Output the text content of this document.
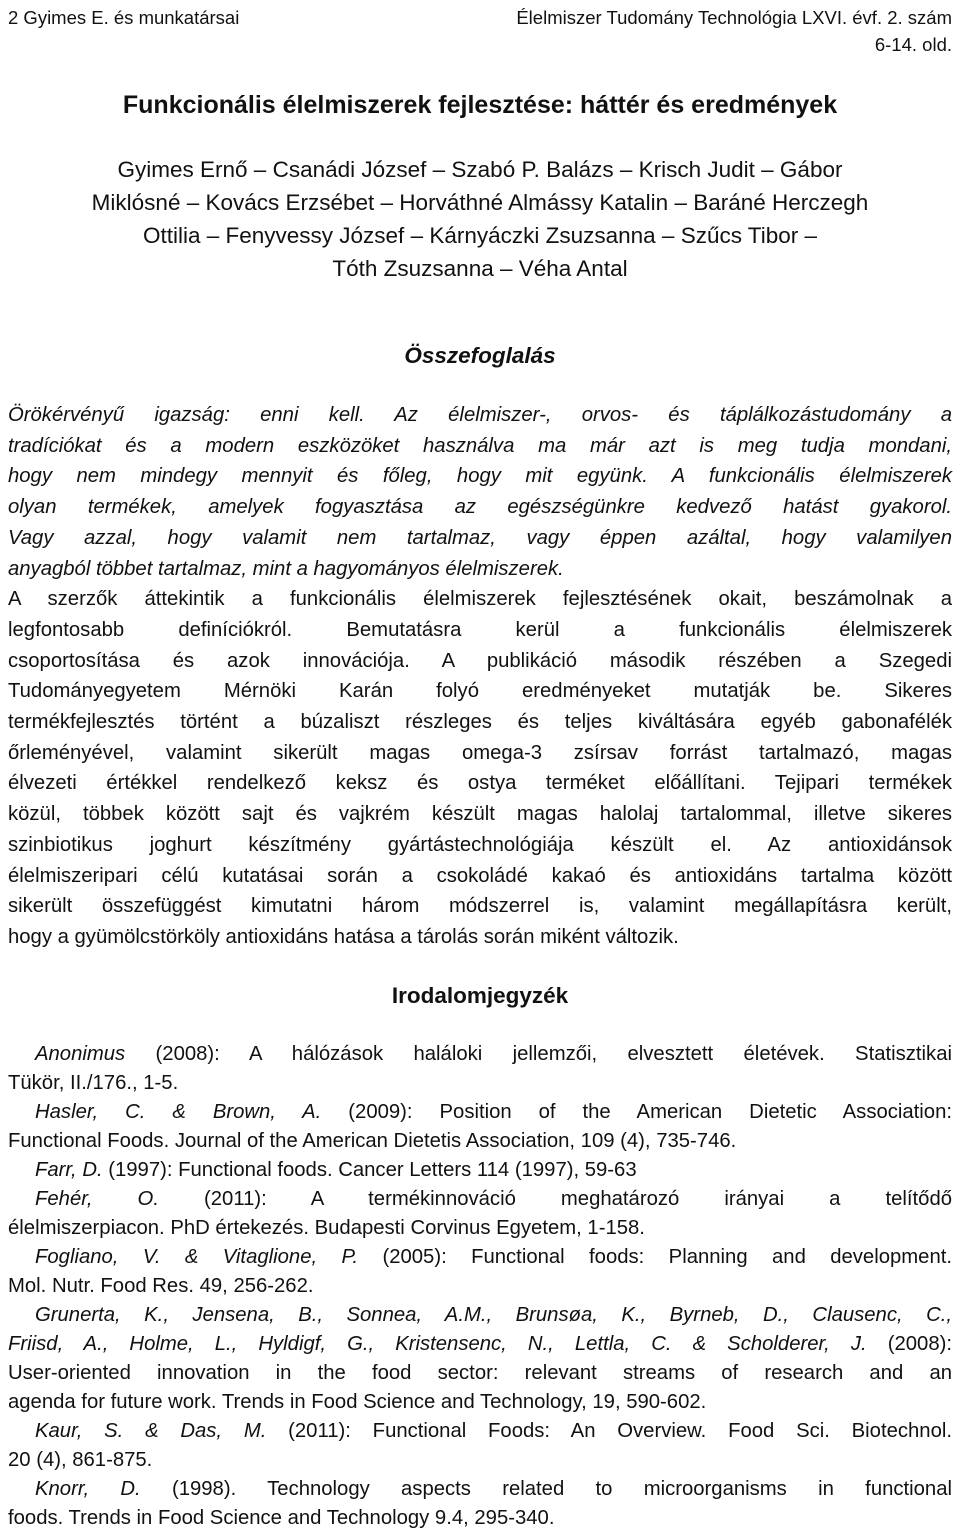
2 Gyimes E. és munkatársai	Élelmiszer Tudomány Technológia LXVI. évf. 2. szám
6-14. old.
Funkcionális élelmiszerek fejlesztése: háttér és eredmények
Gyimes Ernő – Csanádi József – Szabó P. Balázs – Krisch Judit – Gábor
Miklósné – Kovács Erzsébet – Horváthné Almássy Katalin – Baráné Herczegh
Ottilia – Fenyvessy József – Kárnyáczki Zsuzsanna – Szűcs Tibor –
Tóth Zsuzsanna – Véha Antal
Összefoglalás
Örökérvényű igazság: enni kell. Az élelmiszer-, orvos- és táplálkozástudomány a
tradíciókat és a modern eszközöket használva ma már azt is meg tudja mondani,
hogy nem mindegy mennyit és főleg, hogy mit együnk. A funkcionális élelmiszerek
olyan termékek, amelyek fogyasztása az egészségünkre kedvező hatást gyakorol.
Vagy azzal, hogy valamit nem tartalmaz, vagy éppen azáltal, hogy valamilyen
anyagból többet tartalmaz, mint a hagyományos élelmiszerek.
A szerzők áttekintik a funkcionális élelmiszerek fejlesztésének okait, beszámolnak a
legfontosabb definíciókról. Bemutatásra kerül a funkcionális élelmiszerek
csoportosítása és azok innovációja. A publikáció második részében a Szegedi
Tudományegyetem Mérnöki Karán folyó eredményeket mutatják be. Sikeres
termékfejlesztés történt a búzaliszt részleges és teljes kiváltására egyéb gabonafélék
őrleményével, valamint sikerült magas omega-3 zsírsav forrást tartalmazó, magas
élvezeti értékkel rendelkező keksz és ostya terméket előállítani. Tejipari termékek
közül, többek között sajt és vajkrém készült magas halolaj tartalommal, illetve sikeres
szinbiotikus joghurt készítmény gyártástechnológiája készült el. Az antioxidánsok
élelmiszeripari célú kutatásai során a csokoládé kakaó és antioxidáns tartalma között
sikerült összefüggést kimutatni három módszerrel is, valamint megállapításra került,
hogy a gyümölcstörköly antioxidáns hatása a tárolás során miként változik.
Irodalomjegyzék
Anonimus (2008): A hálózások haláloki jellemzői, elvesztett életévek. Statisztikai
Tükör, II./176., 1-5.
Hasler, C. & Brown, A. (2009): Position of the American Dietetic Association:
Functional Foods. Journal of the American Dietetis Association, 109 (4), 735-746.
Farr, D. (1997): Functional foods. Cancer Letters 114 (1997), 59-63
Fehér, O. (2011): A termékinnováció meghatározó irányai a telítődő
élelmiszerpiacon. PhD értekezés. Budapesti Corvinus Egyetem, 1-158.
Fogliano, V. & Vitaglione, P. (2005): Functional foods: Planning and development.
Mol. Nutr. Food Res. 49, 256-262.
Grunerta, K., Jensena, B., Sonnea, A.M., Brunsøa, K., Byrneb, D., Clausenc, C.,
Friisd, A., Holme, L., Hyldigf, G., Kristensenc, N., Lettla, C. & Scholderer, J. (2008):
User-oriented innovation in the food sector: relevant streams of research and an
agenda for future work. Trends in Food Science and Technology, 19, 590-602.
Kaur, S. & Das, M. (2011): Functional Foods: An Overview. Food Sci. Biotechnol.
20 (4), 861-875.
Knorr, D. (1998). Technology aspects related to microorganisms in functional
foods. Trends in Food Science and Technology 9.4, 295-340.
